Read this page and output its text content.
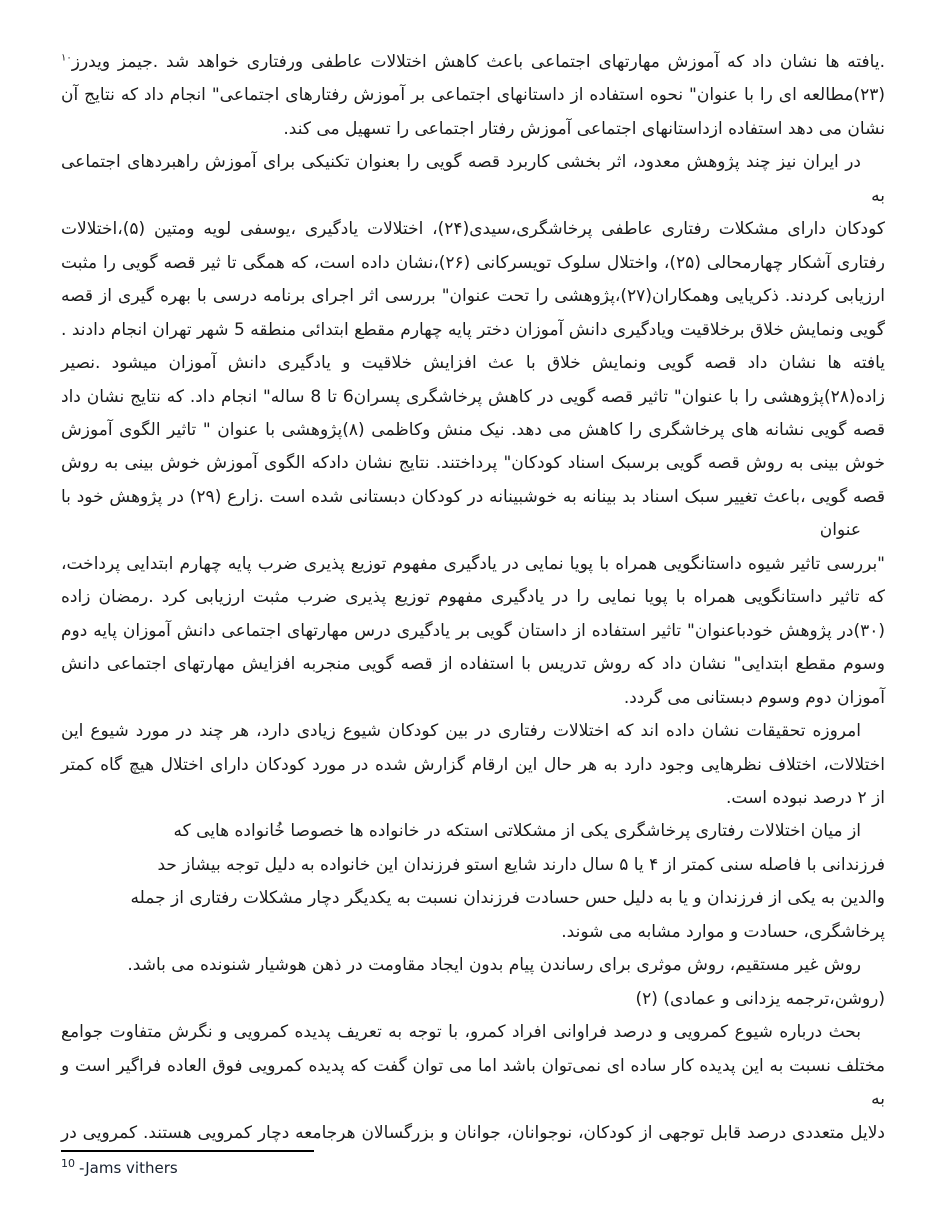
.یافته ها نشان داد که آموزش مهارتهای اجتماعی باعث کاهش اختلالات عاطفی ورفتاری خواهد شد .جیمز ویدرز$^{۱۰}$
(۲۳)مطالعه ای را با عنوان" نحوه استفاده از داستانهای اجتماعی بر آموزش رفتارهای اجتماعی" انجام داد که نتایج آن
نشان می دهد استفاده ازداستانهای اجتماعی آموزش رفتار اجتماعی را تسهیل می کند.
در ایران نیز چند پژوهش معدود، اثر بخشی کاربرد قصه گویی را بعنوان تکنیکی برای آموزش راهبردهای اجتماعی به
کودکان دارای مشکلات رفتاری عاطفی پرخاشگری،سیدی(۲۴)، اختلالات یادگیری ،یوسفی لویه ومتین (۵)،اختلالات
رفتاری آشکار چهارمحالی (۲۵)، واختلال سلوک تویسرکانی (۲۶)،نشان داده است، که همگی تا ثیر قصه گویی را مثبت
ارزیابی کردند. ذکریایی وهمکاران(۲۷)،پژوهشی را تحت عنوان" بررسی اثر اجرای برنامه درسی با بهره گیری از قصه
گویی ونمایش خلاق برخلاقیت ویادگیری دانش آموزان دختر پایه چهارم مقطع ابتدائی منطقه 5 شهر تهران انجام دادند .
یافته ها نشان داد قصه گویی ونمایش خلاق با عث افزایش خلاقیت و یادگیری دانش آموزان میشود .نصیر
زاده(۲۸)پژوهشی را با عنوان" تاثیر قصه گویی در کاهش پرخاشگری پسران6 تا 8 ساله" انجام داد. که نتایج نشان داد
قصه گویی نشانه های پرخاشگری را کاهش می دهد. نیک منش وکاظمی (۸)پژوهشی با عنوان " تاثیر الگوی آموزش
خوش بینی به روش قصه گویی برسبک اسناد کودکان" پرداختند. نتایج نشان دادکه الگوی آموزش خوش بینی به روش
قصه گویی ،باعث تغییر سبک اسناد بد بینانه به خوشبینانه در کودکان دبستانی شده است .زارع (۲۹) در پژوهش خود با
عنوان
"بررسی تاثیر شیوه داستانگویی همراه با پویا نمایی در یادگیری مفهوم توزیع پذیری ضرب پایه چهارم ابتدایی پرداخت،
که تاثیر داستانگویی همراه با پویا نمایی را در یادگیری مفهوم توزیع پذیری ضرب مثبت ارزیابی کرد .رمضان زاده
(۳۰)در پژوهش خودباعنوان" تاثیر استفاده از داستان گویی بر یادگیری درس مهارتهای اجتماعی دانش آموزان پایه دوم
وسوم مقطع ابتدایی" نشان داد که روش تدریس با استفاده از قصه گویی منجربه افزایش مهارتهای اجتماعی دانش
آموزان دوم وسوم دبستانی می گردد.
امروزه تحقیقات نشان داده اند که اختلالات رفتاری در بین کودکان شیوع زیادی دارد، هر چند در مورد شیوع این
اختلالات، اختلاف نظرهایی وجود دارد به هر حال این ارقام گزارش شده در مورد کودکان دارای اختلال هیچ گاه کمتر
از ۲ درصد نبوده است.
از میان اختلالات رفتاری پرخاشگری یکی از مشکلاتی استکه در خانواده ها خصوصا خُانواده هایی که
فرزندانی با فاصله سنی کمتر از ۴ یا ۵ سال دارند شایع استو فرزندان این خانواده به دلیل توجه بیشاز حد
والدین به یکی از فرزندان و یا به دلیل حس حسادت فرزندان نسبت به یکدیگر دچار مشکلات رفتاری از جمله
پرخاشگری، حسادت و موارد مشابه می شوند.
روش غیر مستقیم، روش موثری برای رساندن پیام بدون ایجاد مقاومت در ذهن هوشیار شنونده می باشد.
(روشن،ترجمه یزدانی و عمادی) (۲)
بحث درباره شیوع کمرویی و درصد فراوانی افراد کمرو، با توجه به تعریف پدیده کمرویی و نگرش متفاوت جوامع
مختلف نسبت به این پدیده کار ساده ای نمی‌توان باشد اما می توان گفت که پدیده کمرویی فوق العاده فراگیر است و به
دلایل متعددی درصد قابل توجهی از کودکان، نوجوانان، جوانان و بزرگسالان هرجامعه دچار کمرویی هستند. کمرویی در
$^{10}$ -Jams vithers
